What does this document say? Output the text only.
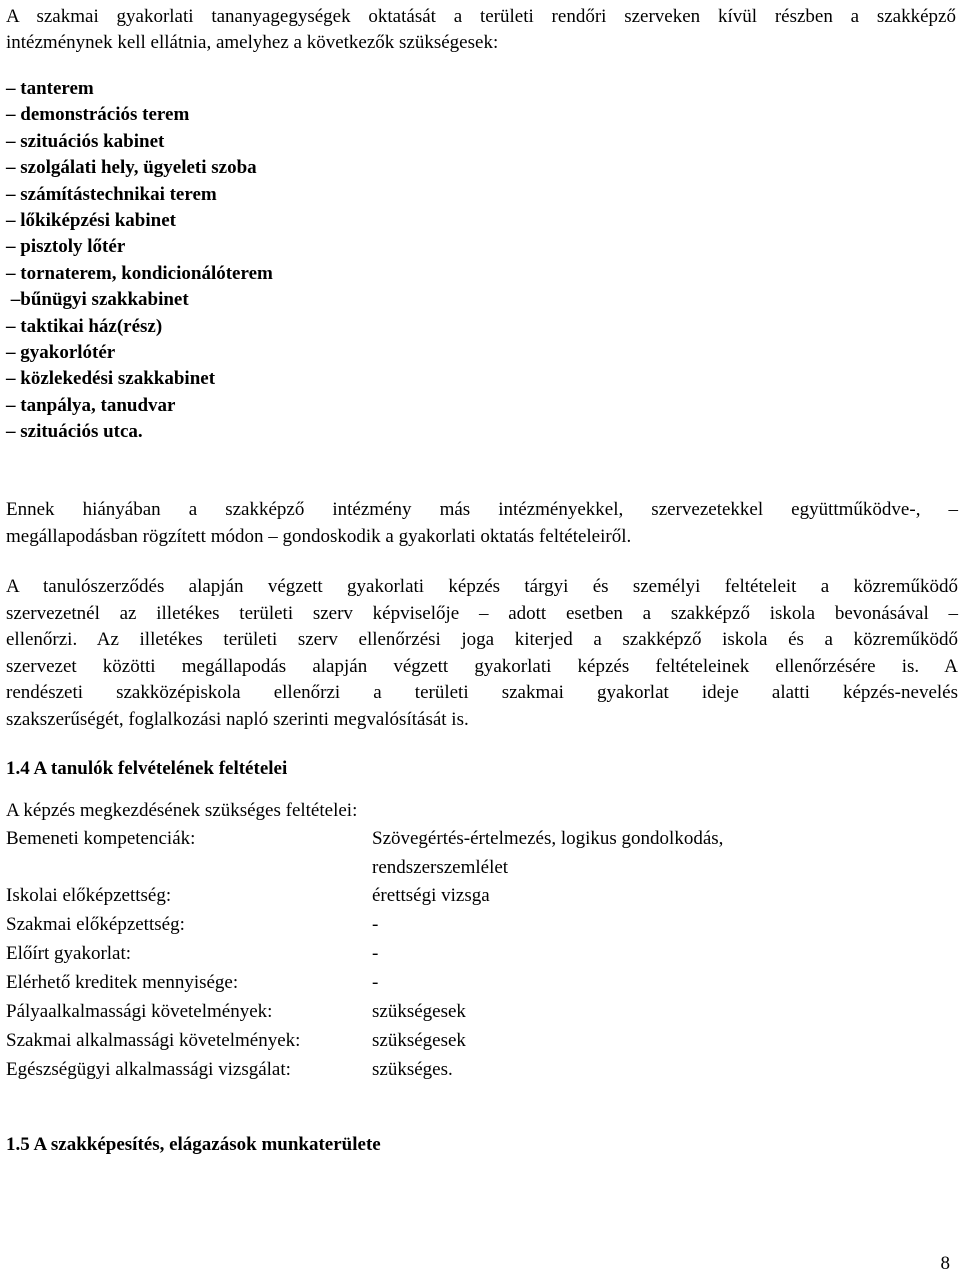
A szakmai gyakorlati tananyagegységek oktatását a területi rendőri szerveken kívül részben a szakképző
intézménynek kell ellátnia, amelyhez a következők szükségesek:
– tanterem
– demonstrációs terem
– szituációs kabinet
– szolgálati hely, ügyeleti szoba
– számítástechnikai terem
– lőkiképzési kabinet
– pisztoly lőtér
– tornaterem, kondicionálóterem
–bűnügyi szakkabinet
– taktikai ház(rész)
– gyakorlótér
– közlekedési szakkabinet
– tanpálya, tanudvar
– szituációs utca.
Ennek hiányában a szakképző intézmény más intézményekkel, szervezetekkel együttműködve-, –
megállapodásban rögzített módon – gondoskodik a gyakorlati oktatás feltételeiről.
A tanulószerződés alapján végzett gyakorlati képzés tárgyi és személyi feltételeit a közreműködő
szervezetnél az illetékes területi szerv képviselője – adott esetben a szakképző iskola bevonásával –
ellenőrzi. Az illetékes területi szerv ellenőrzési joga kiterjed a szakképző iskola és a közreműködő
szervezet közötti megállapodás alapján végzett gyakorlati képzés feltételeinek ellenőrzésére is. A
rendészeti szakközépiskola ellenőrzi a területi szakmai gyakorlat ideje alatti képzés-nevelés
szakszerűségét, foglalkozási napló szerinti megvalósítását is.
1.4 A tanulók felvételének feltételei
A képzés megkezdésének szükséges feltételei:
Bemeneti kompetenciák:	Szövegértés-értelmezés, logikus gondolkodás,
rendszerszemlélet

Iskolai előképzettség:	érettségi vizsga
Szakmai előképzettség:	-
Előírt gyakorlat:	-
Elérhető kreditek mennyisége:	-
Pályaalkalmassági követelmények:	szükségesek
Szakmai alkalmassági követelmények:	szükségesek
Egészségügyi alkalmassági vizsgálat:	szükséges.
1.5 A szakképesítés, elágazások munkaterülete
8
